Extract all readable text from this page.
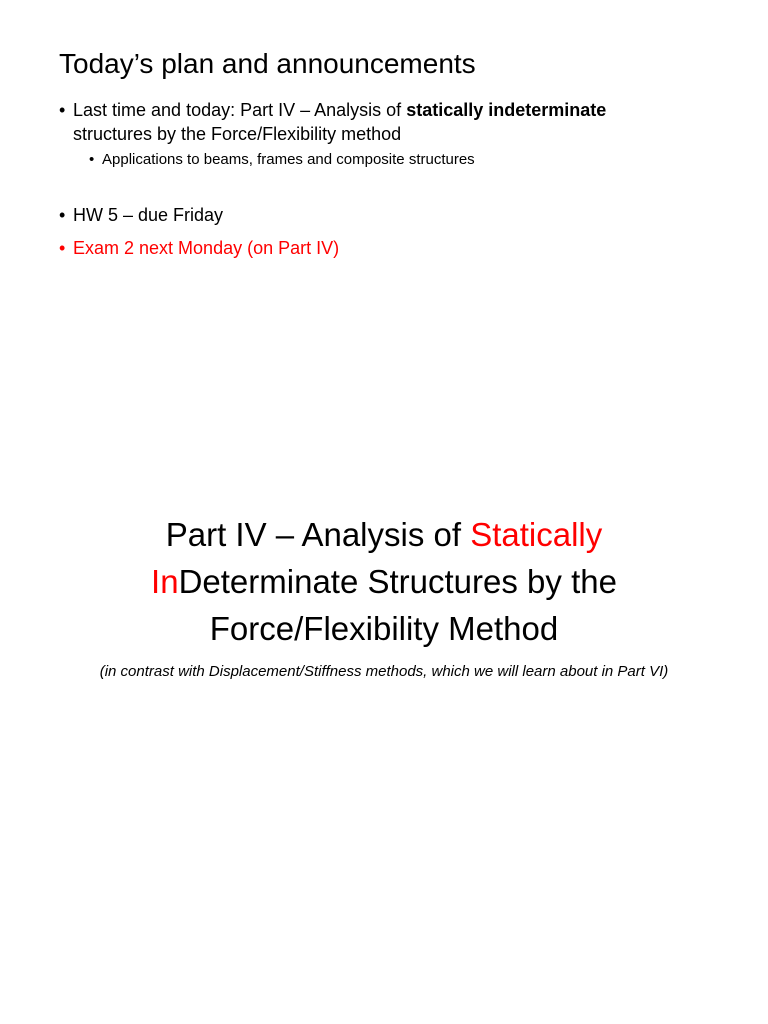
Today’s plan and announcements
• Last time and today: Part IV – Analysis of statically indeterminate
structures by the Force/Flexibility method
• Applications to beams, frames and composite structures
• HW 5 – due Friday
• Exam 2 next Monday (on Part IV)
Part IV – Analysis of Statically
InDeterminate Structures by the
Force/Flexibility Method
(in contrast with Displacement/Stiffness methods, which we will learn about in Part VI)
